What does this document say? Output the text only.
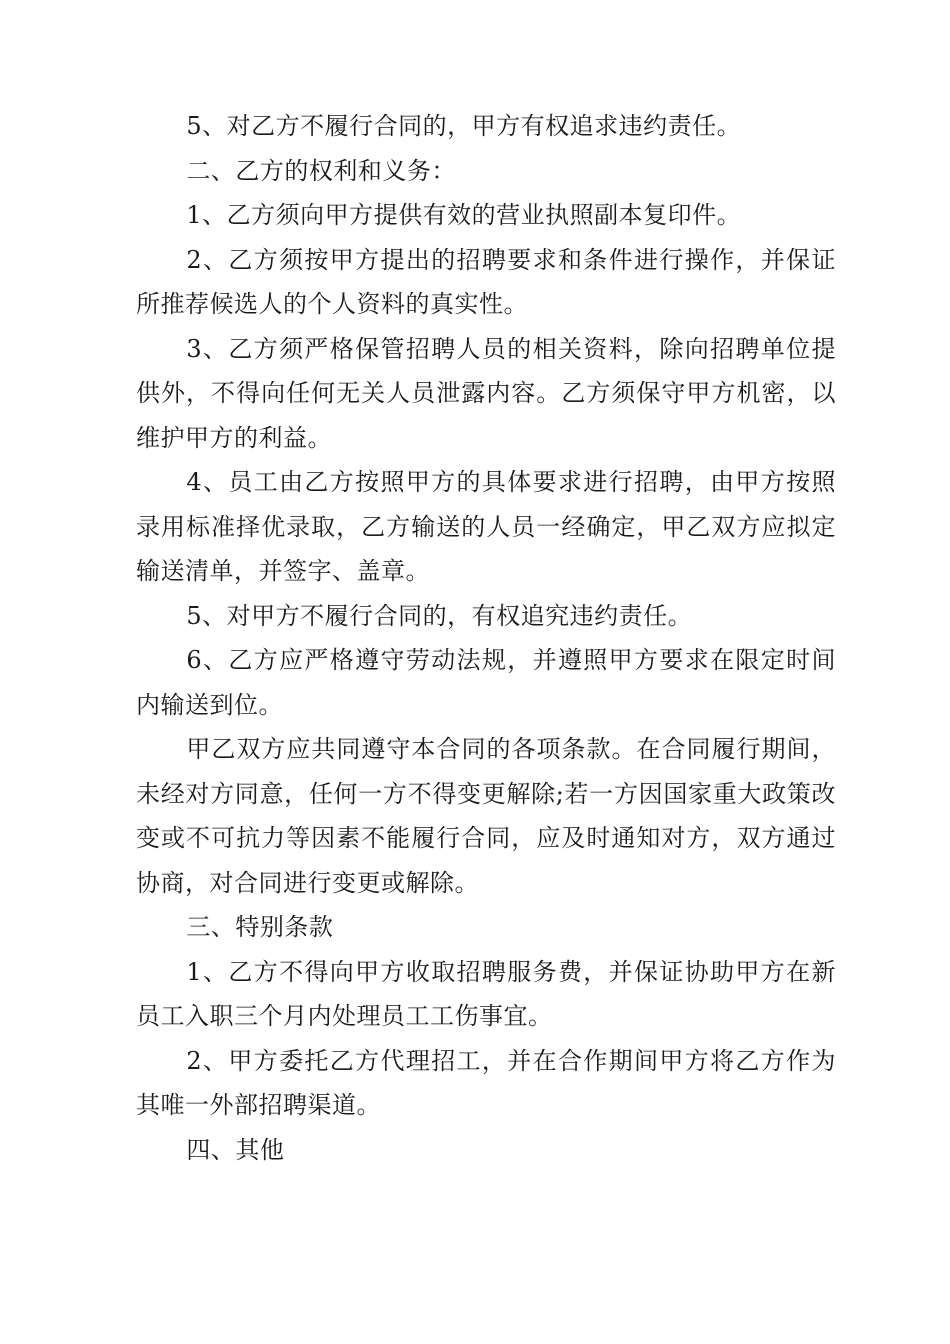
5、对乙方不履行合同的，甲方有权追求违约责任。

二、乙方的权利和义务：

1、乙方须向甲方提供有效的营业执照副本复印件。

2、乙方须按甲方提出的招聘要求和条件进行操作，并保证所推荐候选人的个人资料的真实性。

3、乙方须严格保管招聘人员的相关资料，除向招聘单位提供外，不得向任何无关人员泄露内容。乙方须保守甲方机密，以维护甲方的利益。

4、员工由乙方按照甲方的具体要求进行招聘，由甲方按照录用标准择优录取，乙方输送的人员一经确定，甲乙双方应拟定输送清单，并签字、盖章。

5、对甲方不履行合同的，有权追究违约责任。

6、乙方应严格遵守劳动法规，并遵照甲方要求在限定时间内输送到位。

甲乙双方应共同遵守本合同的各项条款。在合同履行期间，未经对方同意，任何一方不得变更解除;若一方因国家重大政策改变或不可抗力等因素不能履行合同，应及时通知对方，双方通过协商，对合同进行变更或解除。

三、特别条款

1、乙方不得向甲方收取招聘服务费，并保证协助甲方在新员工入职三个月内处理员工工伤事宜。

2、甲方委托乙方代理招工，并在合作期间甲方将乙方作为其唯一外部招聘渠道。

四、其他
